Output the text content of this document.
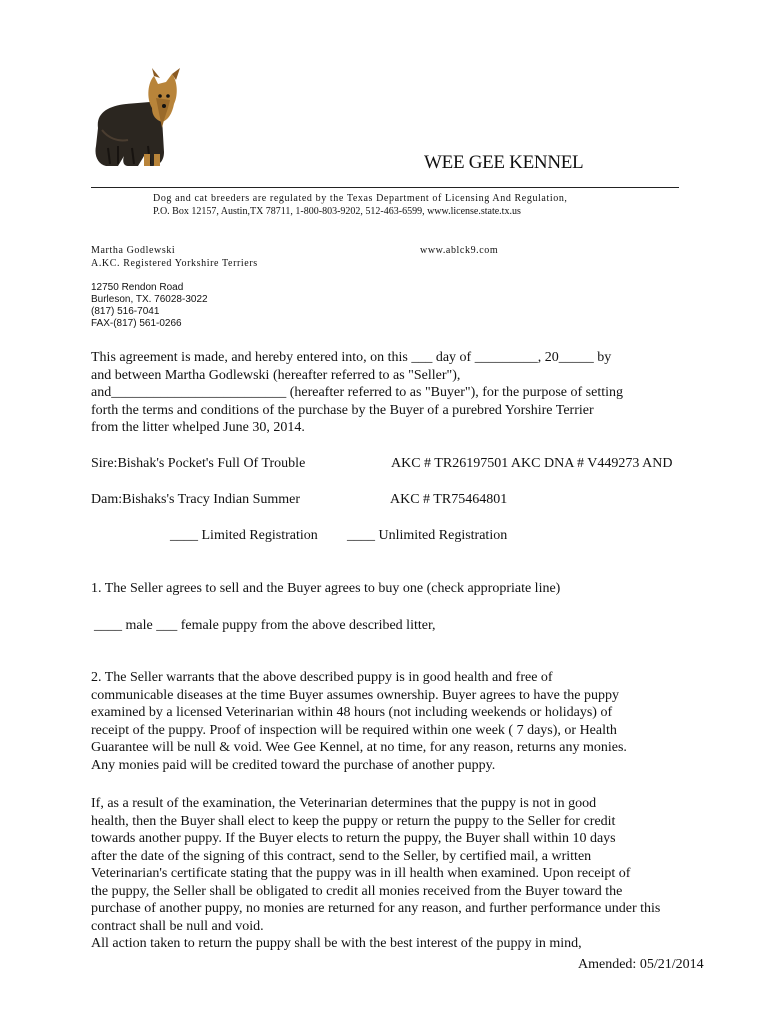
WEE GEE KENNEL
Dog and cat breeders are regulated by the Texas Department of Licensing And Regulation,
P.O. Box 12157, Austin,TX 78711, 1-800-803-9202, 512-463-6599, www.license.state.tx.us
Martha Godlewski
A.KC. Registered Yorkshire Terriers
www.ablck9.com
12750 Rendon Road
Burleson, TX. 76028-3022
(817) 516-7041
FAX-(817) 561-0266
This agreement is made, and hereby entered into, on this ___ day of _________, 20_____ by
and between Martha Godlewski (hereafter referred to as "Seller"),
and_________________________ (hereafter referred to as "Buyer"), for the purpose of setting
forth the terms and conditions of the purchase by the Buyer of a purebred Yorshire Terrier
from the litter whelped June 30, 2014.
Sire:Bishak's Pocket's Full Of Trouble	AKC # TR26197501 AKC DNA # V449273 AND
Dam:Bishaks's Tracy Indian Summer	AKC # TR75464801
____ Limited Registration ____ Unlimited Registration
1. The Seller agrees to sell and the Buyer agrees to buy one (check appropriate line)
____ male ___ female puppy from the above described litter,
2. The Seller warrants that the above described puppy is in good health and free of
communicable diseases at the time Buyer assumes ownership. Buyer agrees to have the puppy
examined by a licensed Veterinarian within 48 hours (not including weekends or holidays) of
receipt of the puppy. Proof of inspection will be required within one week ( 7 days), or Health
Guarantee will be null & void. Wee Gee Kennel, at no time, for any reason, returns any monies.
Any monies paid will be credited toward the purchase of another puppy.
If, as a result of the examination, the Veterinarian determines that the puppy is not in good
health, then the Buyer shall elect to keep the puppy or return the puppy to the Seller for credit
towards another puppy. If the Buyer elects to return the puppy, the Buyer shall within 10 days
after the date of the signing of this contract, send to the Seller, by certified mail, a written
Veterinarian's certificate stating that the puppy was in ill health when examined. Upon receipt of
the puppy, the Seller shall be obligated to credit all monies received from the Buyer toward the
purchase of another puppy, no monies are returned for any reason, and further performance under this
contract shall be null and void.
All action taken to return the puppy shall be with the best interest of the puppy in mind,
Amended: 05/21/2014
